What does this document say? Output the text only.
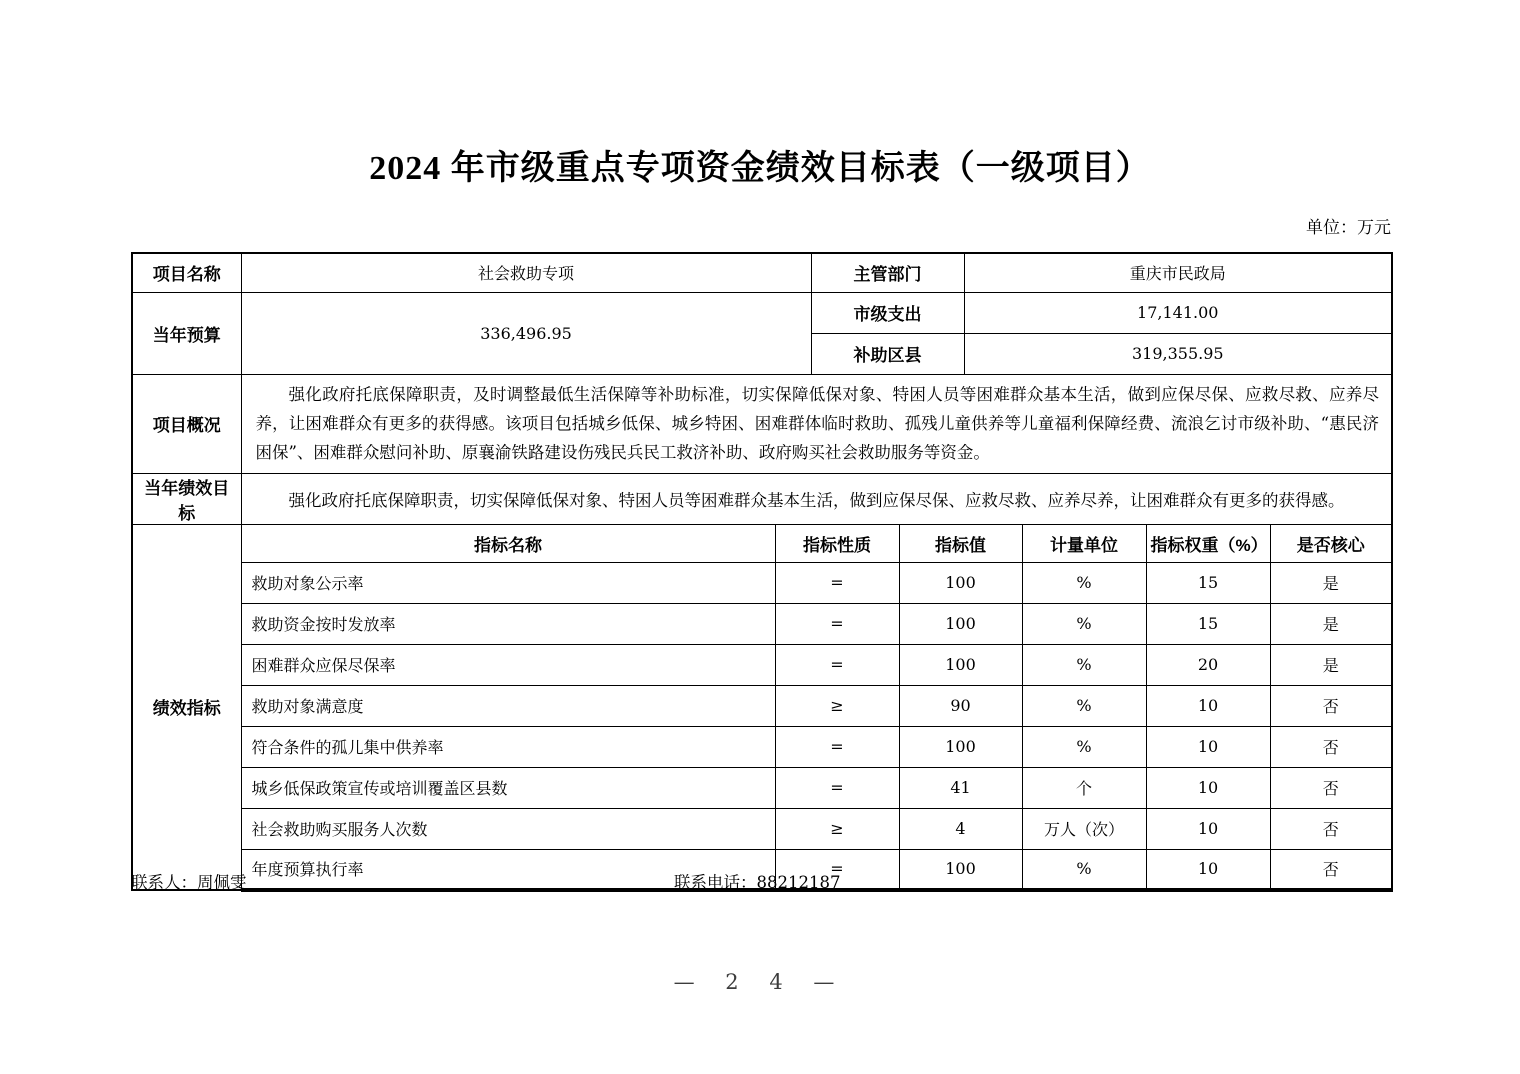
2024 年市级重点专项资金绩效目标表（一级项目）
单位：万元
项目名称	社会救助专项		主管部门		重庆市民政局			
当年预算	336,496.95		市级支出		17,141.00			
			补助区县		319,355.95			
项目概况	强化政府托底保障职责，及时调整最低生活保障等补助标准，切实保障低保对象、特困人员等困难群众基本生活，做到应保尽保、应救尽救、应养尽养，让困难群众有更多的获得感。该项目包括城乡低保、城乡特困、困难群体临时救助、孤残儿童供养等儿童福利保障经费、流浪乞讨市级补助、“惠民济困保”、困难群众慰问补助、原襄渝铁路建设伤残民兵民工救济补助、政府购买社会救助服务等资金。							
当年绩效目标	强化政府托底保障职责，切实保障低保对象、特困人员等困难群众基本生活，做到应保尽保、应救尽救、应养尽养，让困难群众有更多的获得感。							
绩效指标	指标名称	指标性质		指标值		计量单位	指标权重（%）	是否核心
	救助对象公示率	=		100		%	15	是
	救助资金按时发放率	=		100		%	15	是
	困难群众应保尽保率	=		100		%	20	是
	救助对象满意度	≥		90		%	10	否
	符合条件的孤儿集中供养率	=		100		%	10	否
	城乡低保政策宣传或培训覆盖区县数	=		41		个	10	否
	社会救助购买服务人次数	≥		4		万人（次）	10	否
	年度预算执行率	=		100		%	10	否
联系人：周佩雯	联系电话：88212187
— 2 4 —
